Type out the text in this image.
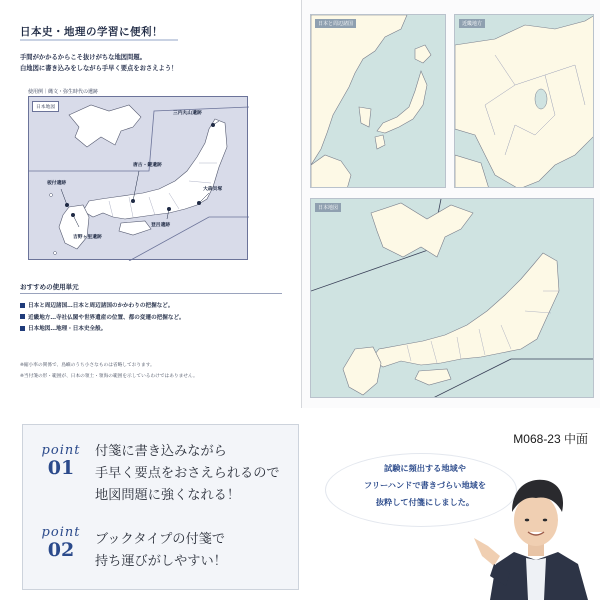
日本史・地理の学習に便利！
手間がかかるからこそ抜けがちな地図問題。
白地図に書き込みをしながら手早く要点をおさえよう！
使用例｜縄文・弥生時代の遺跡
日本地図
三内丸山遺跡
唐古・鍵遺跡
大森貝塚
板付遺跡
登呂遺跡
吉野ヶ里遺跡
おすすめの使用単元
日本と周辺諸国…日本と周辺諸国のかかわりの把握など。
近畿地方…寺社仏閣や世界遺産の位置、都の変遷の把握など。
日本地図…地理・日本史全般。
※縮小率の関係で、島嶼のうち小さなものは省略しております。
※当付箋の形・範囲が、日本の領土・領海の範囲を示しているわけではありません。
日本と周辺諸国	近畿地方
日本地図
point
01
付箋に書き込みながら
手早く要点をおさえられるので
地図問題に強くなれる！
point
02	ブックタイプの付箋で
持ち運びがしやすい！
M068-23 中面
試験に頻出する地域や
フリーハンドで書きづらい地域を
抜粋して付箋にしました。
